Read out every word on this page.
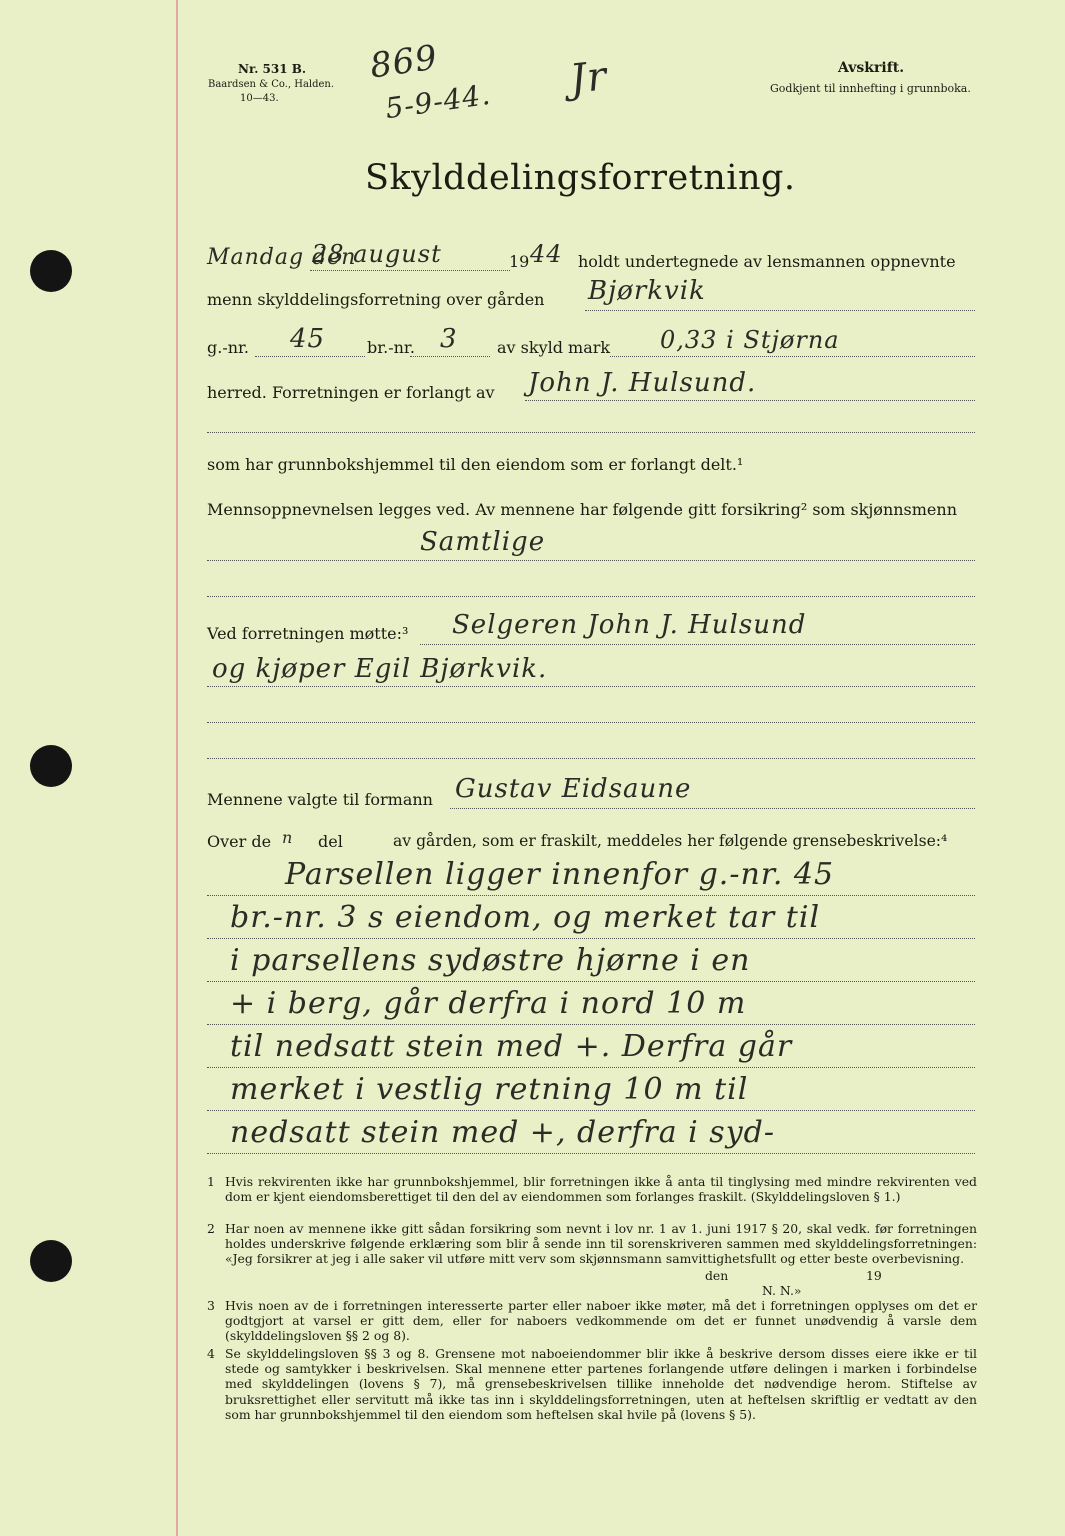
Nr. 531 B.
Baardsen & Co., Halden.
10—43.
869
5-9-44. Jr	Avskrift.
Godkjent til innhefting i grunnboka.
Skylddelingsforretning.
Mandag den
28 august	19 44 holdt undertegnede av lensmannen oppnevnte
menn skylddelingsforretning over gården Bjørkvik
g.-nr. 45	br.-nr. 3 av skyld mark 0,33 i Stjørna
herred. Forretningen er forlangt av John J. Hulsund.
som har grunnbokshjemmel til den eiendom som er forlangt delt.¹
Mennsoppnevnelsen legges ved. Av mennene har følgende gitt forsikring² som skjønnsmenn
Samtlige
Ved forretningen møtte:³ Selgeren John J. Hulsund
og kjøper Egil Bjørkvik.
Mennene valgte til formann Gustav Eidsaune
Over de n del	av gården, som er fraskilt, meddeles her følgende grensebeskrivelse:⁴
Parsellen ligger innenfor g.-nr. 45
br.-nr. 3 s eiendom, og merket tar til
i parsellens sydøstre hjørne i en
+ i berg, går derfra i nord 10 m
til nedsatt stein med +. Derfra går
merket i vestlig retning 10 m til
nedsatt stein med +, derfra i syd-
1 Hvis rekvirenten ikke har grunnbokshjemmel, blir forretningen ikke å anta til tinglysing med mindre rekvirenten ved dom er kjent eiendomsberettiget til den del av eiendommen som forlanges fraskilt. (Skylddelingsloven § 1.)
2 Har noen av mennene ikke gitt sådan forsikring som nevnt i lov nr. 1 av 1. juni 1917 § 20, skal vedk. før forretningen holdes underskrive følgende erklæring som blir å sende inn til sorenskriveren sammen med skylddelingsforretningen: «Jeg forsikrer at jeg i alle saker vil utføre mitt verv som skjønnsmann samvittighetsfullt og etter beste overbevisning.
den	19
N. N.»
3 Hvis noen av de i forretningen interesserte parter eller naboer ikke møter, må det i forretningen opplyses om det er godtgjort at varsel er gitt dem, eller for naboers vedkommende om det er funnet unødvendig å varsle dem (skylddelingsloven §§ 2 og 8).
4 Se skylddelingsloven §§ 3 og 8. Grensene mot naboeiendommer blir ikke å beskrive dersom disses eiere ikke er til stede og samtykker i beskrivelsen. Skal mennene etter partenes forlangende utføre delingen i marken i forbindelse med skylddelingen (lovens § 7), må grensebeskrivelsen tillike inneholde det nødvendige herom. Stiftelse av bruksrettighet eller servitutt må ikke tas inn i skylddelingsforretningen, uten at heftelsen skriftlig er vedtatt av den som har grunnbokshjemmel til den eiendom som heftelsen skal hvile på (lovens § 5).
